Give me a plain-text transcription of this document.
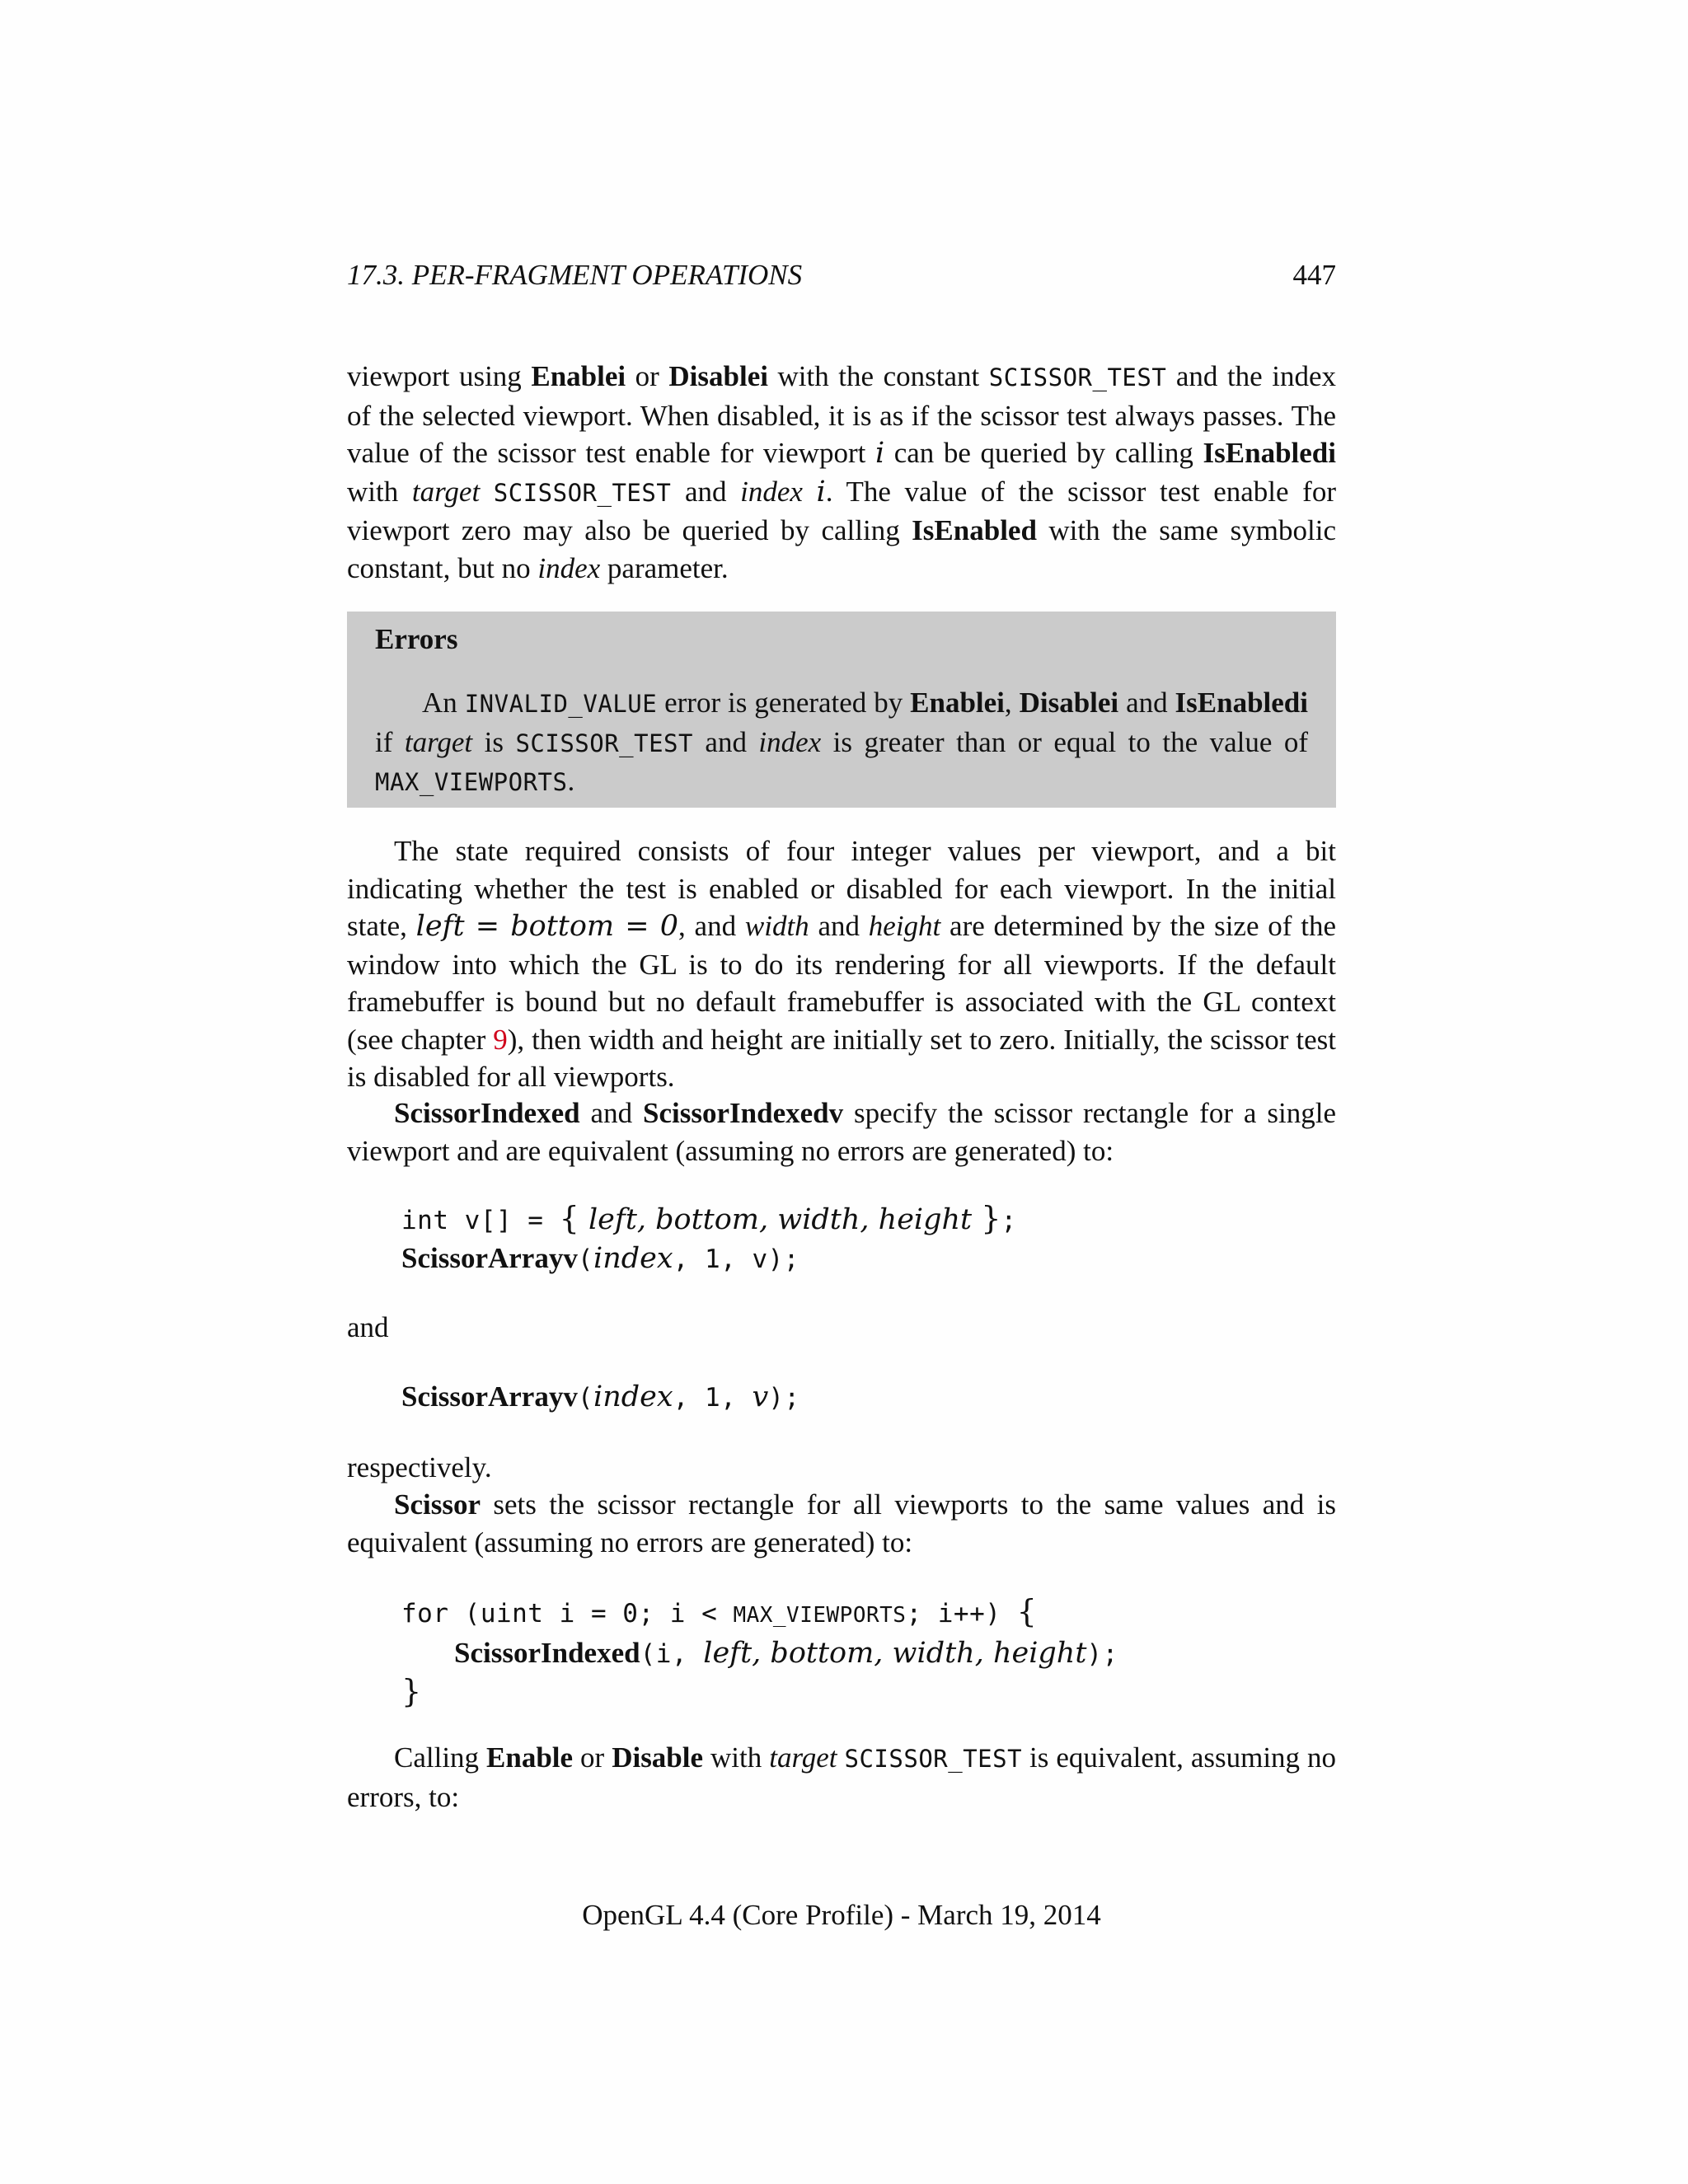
17.3. PER-FRAGMENT OPERATIONS	447
viewport using Enablei or Disablei with the constant SCISSOR_TEST and the index of the selected viewport. When disabled, it is as if the scissor test always passes. The value of the scissor test enable for viewport i can be queried by calling IsEnabledi with target SCISSOR_TEST and index i. The value of the scissor test enable for viewport zero may also be queried by calling IsEnabled with the same symbolic constant, but no index parameter.
Errors
An INVALID_VALUE error is generated by Enablei, Disablei and IsEnabledi if target is SCISSOR_TEST and index is greater than or equal to the value of MAX_VIEWPORTS.
The state required consists of four integer values per viewport, and a bit indicating whether the test is enabled or disabled for each viewport. In the initial state, left = bottom = 0, and width and height are determined by the size of the window into which the GL is to do its rendering for all viewports. If the default framebuffer is bound but no default framebuffer is associated with the GL context (see chapter 9), then width and height are initially set to zero. Initially, the scissor test is disabled for all viewports.
ScissorIndexed and ScissorIndexedv specify the scissor rectangle for a single viewport and are equivalent (assuming no errors are generated) to:
int v[] = { left, bottom, width, height };
ScissorArrayv(index, 1, v);
and
ScissorArrayv(index, 1, v);
respectively.
Scissor sets the scissor rectangle for all viewports to the same values and is equivalent (assuming no errors are generated) to:
for (uint i = 0; i < MAX_VIEWPORTS; i++) {
ScissorIndexed(i, left, bottom, width, height);
}
Calling Enable or Disable with target SCISSOR_TEST is equivalent, assuming no errors, to:
OpenGL 4.4 (Core Profile) - March 19, 2014
